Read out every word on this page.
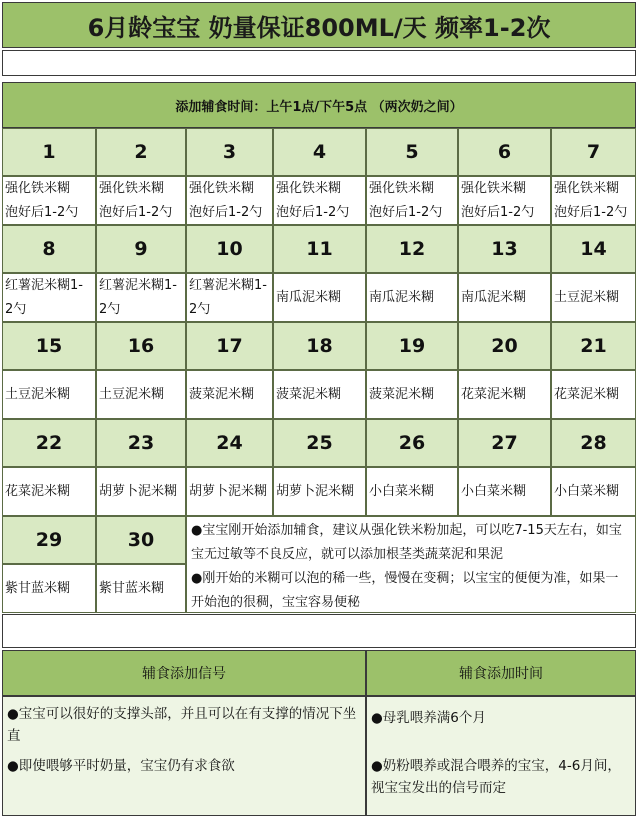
6月龄宝宝 奶量保证800ML/天 频率1-2次
添加辅食时间：上午1点/下午5点 （两次奶之间）
1
强化铁米糊
泡好后1-2勺
2
强化铁米糊
泡好后1-2勺
3
强化铁米糊
泡好后1-2勺
4
强化铁米糊
泡好后1-2勺
5
强化铁米糊
泡好后1-2勺
6
强化铁米糊
泡好后1-2勺
7
强化铁米糊
泡好后1-2勺
8
红薯泥米糊1-
2勺
9
红薯泥米糊1-
2勺
10
红薯泥米糊1-
2勺
11
南瓜泥米糊
12
南瓜泥米糊
13
南瓜泥米糊
14
土豆泥米糊
15
土豆泥米糊
16
土豆泥米糊
17
菠菜泥米糊
18
菠菜泥米糊
19
菠菜泥米糊
20
花菜泥米糊
21
花菜泥米糊
22
花菜泥米糊
23
胡萝卜泥米糊
24
胡萝卜泥米糊
25
胡萝卜泥米糊
26
小白菜米糊
27
小白菜米糊
28
小白菜米糊
29
紫甘蓝米糊
30
紫甘蓝米糊

●宝宝刚开始添加辅食，建议从强化铁米粉加起，可以吃7-15天左右，如宝宝无过敏等不良反应，就可以添加根茎类蔬菜泥和果泥

●刚开始的米糊可以泡的稀一些，慢慢在变稠；以宝宝的便便为准，如果一开始泡的很稠，宝宝容易便秘

辅食添加信号	辅食添加时间

●宝宝可以很好的支撑头部，并且可以在有支撑的情况下坐直

●即使喂够平时奶量，宝宝仍有求食欲

●母乳喂养满6个月

●奶粉喂养或混合喂养的宝宝，4-6月间，视宝宝发出的信号而定
